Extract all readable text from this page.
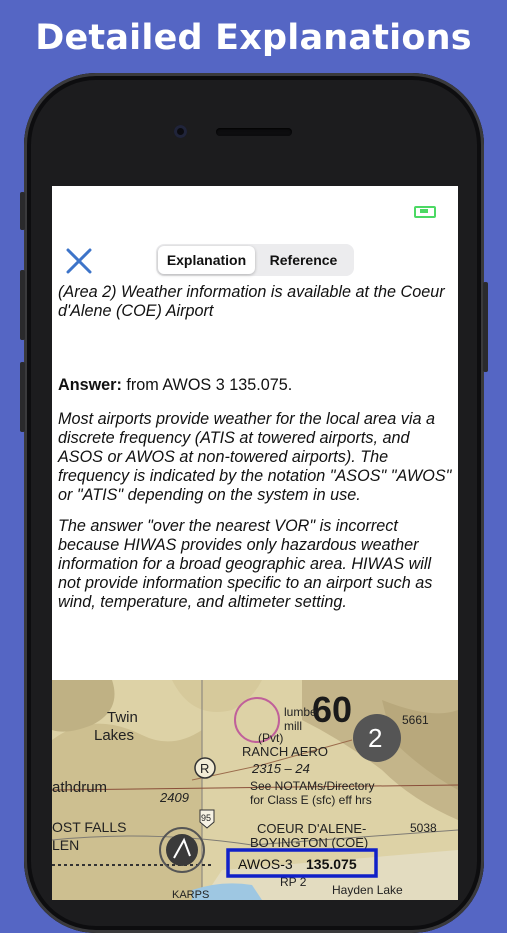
Detailed Explanations
Explanation	Reference
(Area 2) Weather information is available at the Coeur d'Alene (COE) Airport
Answer: from AWOS 3 135.075.
Most airports provide weather for the local area via a discrete frequency (ATIS at towered airports, and ASOS or AWOS at non-towered airports). The frequency is indicated by the notation "ASOS" "AWOS" or "ATIS" depending on the system in use.
The answer "over the nearest VOR" is incorrect because HIWAS provides only hazardous weather information for a broad geographic area. HIWAS will not provide information specific to an airport such as wind, temperature, and altimeter setting.
R
95
60
2
Twin
Lakes
athdrum
OST FALLS
LEN
lumber
mill
(Pvt)
RANCH AERO
2315 – 24
2409
See NOTAMs/Directory
for Class E (sfc) eff hrs
COEUR D'ALENE-
BOYINGTON (COE)
5661
5038
RP 2
Hayden Lake
KARPS
AWOS-3 135.075
